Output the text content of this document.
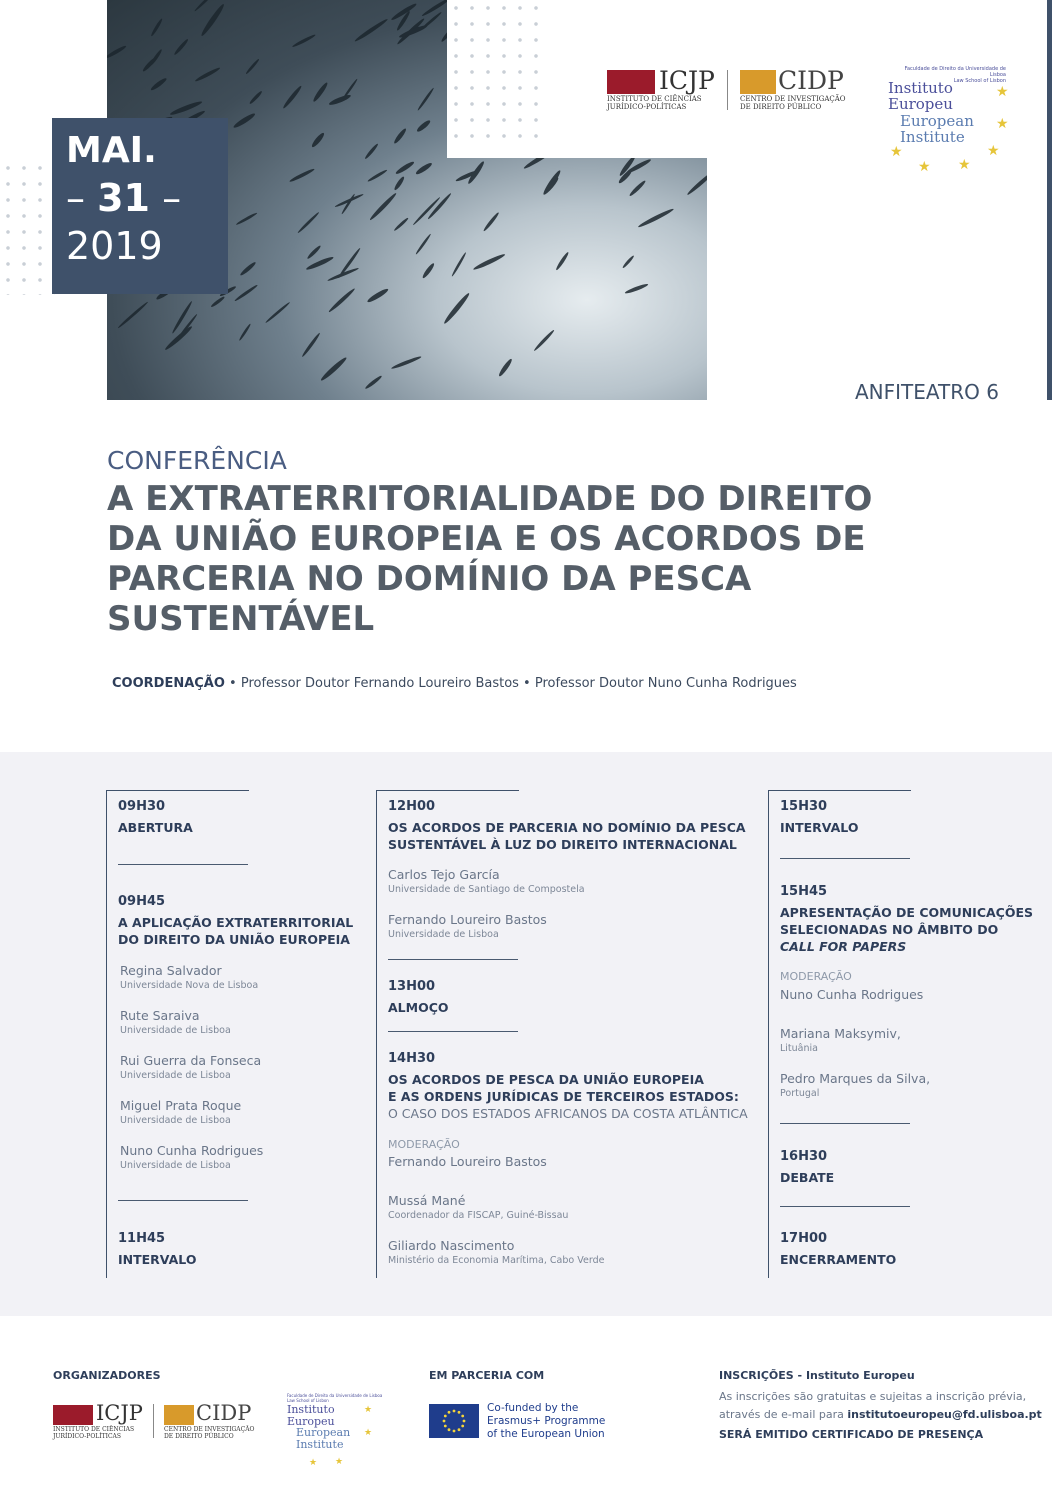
MAI.
– 31 –
2019
ICJP
INSTITUTO DE CIÊNCIAS
JURÍDICO-POLÍTICAS
CIDP
CENTRO DE INVESTIGAÇÃO
DE DIREITO PÚBLICO
Faculdade de Direito da Universidade de Lisboa
Law School of Lisbon
Instituto
Europeu
European
Institute
★
★
★
★
★
★
ANFITEATRO 6
CONFERÊNCIA
A EXTRATERRITORIALIDADE DO DIREITO
DA UNIÃO EUROPEIA E OS ACORDOS DE
PARCERIA NO DOMÍNIO DA PESCA
SUSTENTÁVEL
COORDENAÇÃO • Professor Doutor Fernando Loureiro Bastos • Professor Doutor Nuno Cunha Rodrigues
09H30
ABERTURA
09H45
A APLICAÇÃO EXTRATERRITORIAL
DO DIREITO DA UNIÃO EUROPEIA
Regina Salvador
Universidade Nova de Lisboa
Rute Saraiva
Universidade de Lisboa
Rui Guerra da Fonseca
Universidade de Lisboa
Miguel Prata Roque
Universidade de Lisboa
Nuno Cunha Rodrigues
Universidade de Lisboa
11H45
INTERVALO
12H00
OS ACORDOS DE PARCERIA NO DOMÍNIO DA PESCA
SUSTENTÁVEL À LUZ DO DIREITO INTERNACIONAL
Carlos Tejo García
Universidade de Santiago de Compostela
Fernando Loureiro Bastos
Universidade de Lisboa
13H00
ALMOÇO
14H30
OS ACORDOS DE PESCA DA UNIÃO EUROPEIA
E AS ORDENS JURÍDICAS DE TERCEIROS ESTADOS:
O CASO DOS ESTADOS AFRICANOS DA COSTA ATLÂNTICA
MODERAÇÃO
Fernando Loureiro Bastos
Mussá Mané
Coordenador da FISCAP, Guiné-Bissau
Giliardo Nascimento
Ministério da Economia Marítima, Cabo Verde
15H30
INTERVALO
15H45
APRESENTAÇÃO DE COMUNICAÇÕES
SELECIONADAS NO ÂMBITO DO
CALL FOR PAPERS
MODERAÇÃO
Nuno Cunha Rodrigues
Mariana Maksymiv,
Lituânia
Pedro Marques da Silva,
Portugal
16H30
DEBATE
17H00
ENCERRAMENTO
ORGANIZADORES
ICJP
INSTITUTO DE CIÊNCIAS
JURÍDICO-POLÍTICAS
CIDP
CENTRO DE INVESTIGAÇÃO
DE DIREITO PÚBLICO
Faculdade de Direito da Universidade de Lisboa
Law School of Lisbon
Instituto
Europeu
European
Institute
★
★
★
★
EM PARCERIA COM
Co-funded by the
Erasmus+ Programme
of the European Union
INSCRIÇÕES - Instituto Europeu
As inscrições são gratuitas e sujeitas a inscrição prévia,
através de e-mail para institutoeuropeu@fd.ulisboa.pt
SERÁ EMITIDO CERTIFICADO DE PRESENÇA
